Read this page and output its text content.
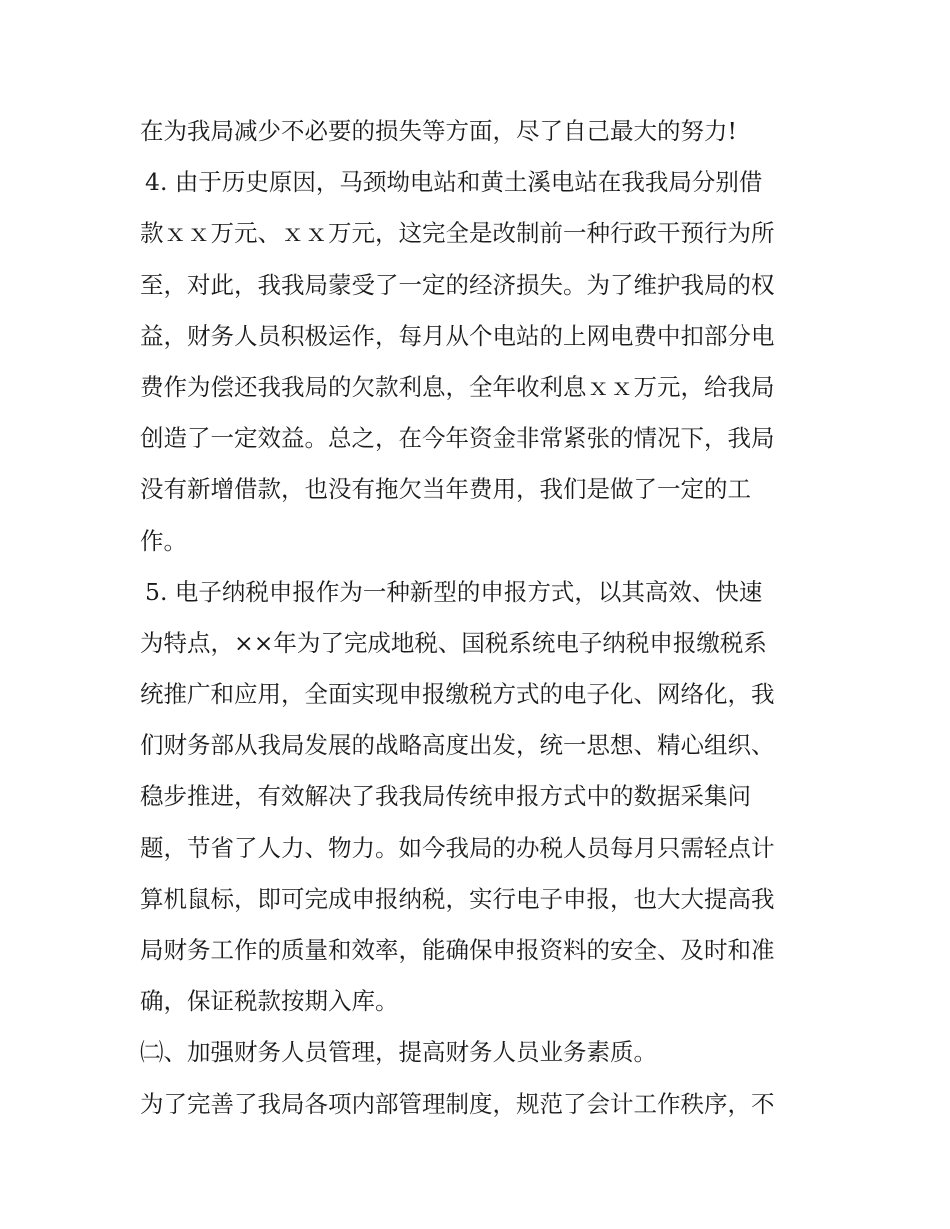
在为我局减少不必要的损失等方面，尽了自己最大的努力!
4. 由于历史原因，马颈坳电站和黄土溪电站在我我局分别借
款ｘｘ万元、ｘｘ万元，这完全是改制前一种行政干预行为所
至，对此，我我局蒙受了一定的经济损失。为了维护我局的权
益，财务人员积极运作，每月从个电站的上网电费中扣部分电
费作为偿还我我局的欠款利息，全年收利息ｘｘ万元，给我局
创造了一定效益。总之，在今年资金非常紧张的情况下，我局
没有新增借款，也没有拖欠当年费用，我们是做了一定的工
作。
5. 电子纳税申报作为一种新型的申报方式，以其高效、快速
为特点，××年为了完成地税、国税系统电子纳税申报缴税系
统推广和应用，全面实现申报缴税方式的电子化、网络化，我
们财务部从我局发展的战略高度出发，统一思想、精心组织、
稳步推进，有效解决了我我局传统申报方式中的数据采集问
题，节省了人力、物力。如今我局的办税人员每月只需轻点计
算机鼠标，即可完成申报纳税，实行电子申报，也大大提高我
局财务工作的质量和效率，能确保申报资料的安全、及时和准
确，保证税款按期入库。
㈡、加强财务人员管理，提高财务人员业务素质。
为了完善了我局各项内部管理制度，规范了会计工作秩序，不
